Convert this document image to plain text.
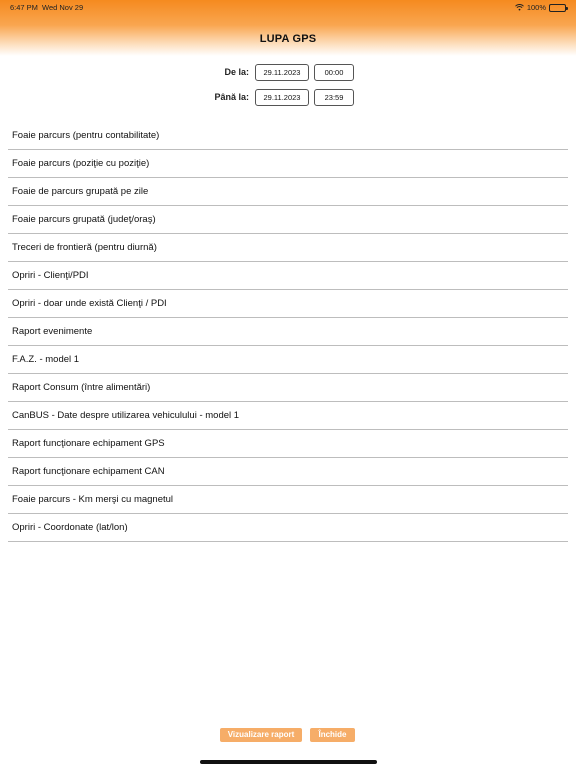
6:47 PM Wed Nov 29	100%
LUPA GPS
De la:	29.11.2023	00:00
Până la:	29.11.2023	23:59
Foaie parcurs (pentru contabilitate)
Foaie parcurs (poziţie cu poziţie)
Foaie de parcurs grupată pe zile
Foaie parcurs grupată (judeţ/oraş)
Treceri de frontieră (pentru diurnă)
Opriri - Clienţi/PDI
Opriri - doar unde există Clienţi / PDI
Raport evenimente
F.A.Z. - model 1
Raport Consum (între alimentări)
CanBUS - Date despre utilizarea vehiculului - model 1
Raport funcţionare echipament GPS
Raport funcţionare echipament CAN
Foaie parcurs - Km merşi cu magnetul
Opriri - Coordonate (lat/lon)
Vizualizare raport	Închide
